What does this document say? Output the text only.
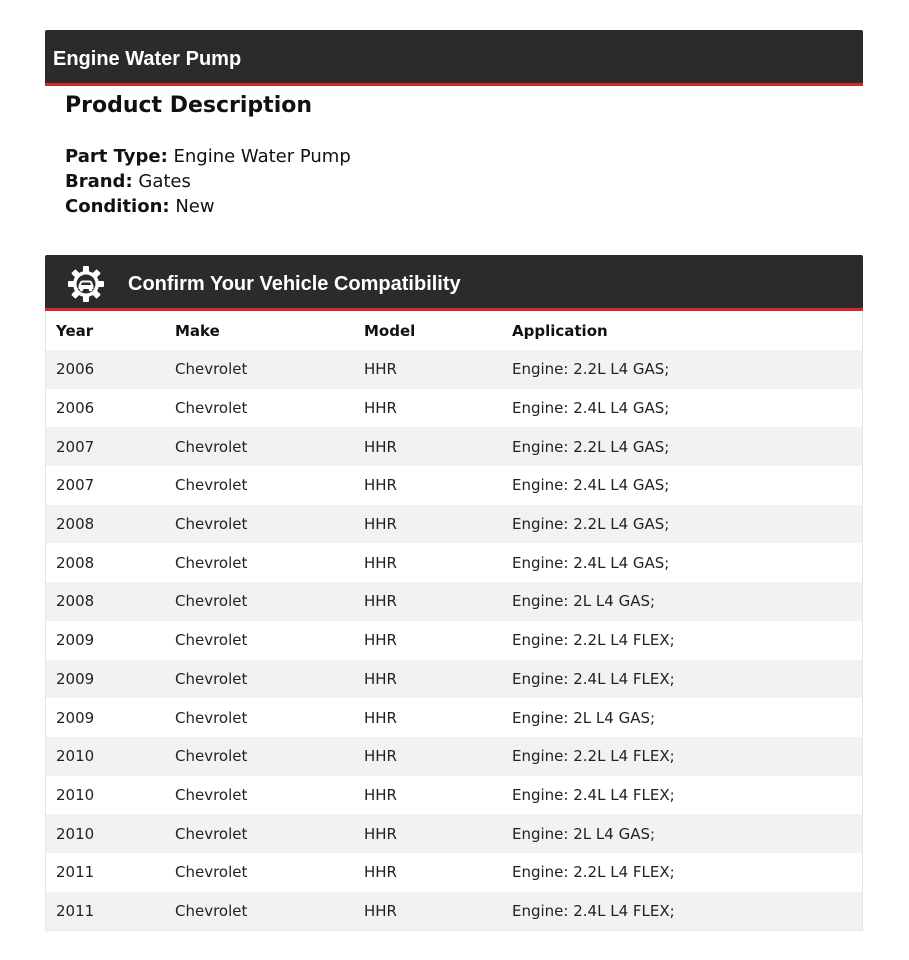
Engine Water Pump
Product Description
Part Type: Engine Water Pump
Brand: Gates
Condition: New
Confirm Your Vehicle Compatibility
Year	Make	Model	Application
2006	Chevrolet	HHR	Engine: 2.2L L4 GAS;
2006	Chevrolet	HHR	Engine: 2.4L L4 GAS;
2007	Chevrolet	HHR	Engine: 2.2L L4 GAS;
2007	Chevrolet	HHR	Engine: 2.4L L4 GAS;
2008	Chevrolet	HHR	Engine: 2.2L L4 GAS;
2008	Chevrolet	HHR	Engine: 2.4L L4 GAS;
2008	Chevrolet	HHR	Engine: 2L L4 GAS;
2009	Chevrolet	HHR	Engine: 2.2L L4 FLEX;
2009	Chevrolet	HHR	Engine: 2.4L L4 FLEX;
2009	Chevrolet	HHR	Engine: 2L L4 GAS;
2010	Chevrolet	HHR	Engine: 2.2L L4 FLEX;
2010	Chevrolet	HHR	Engine: 2.4L L4 FLEX;
2010	Chevrolet	HHR	Engine: 2L L4 GAS;
2011	Chevrolet	HHR	Engine: 2.2L L4 FLEX;
2011	Chevrolet	HHR	Engine: 2.4L L4 FLEX;
